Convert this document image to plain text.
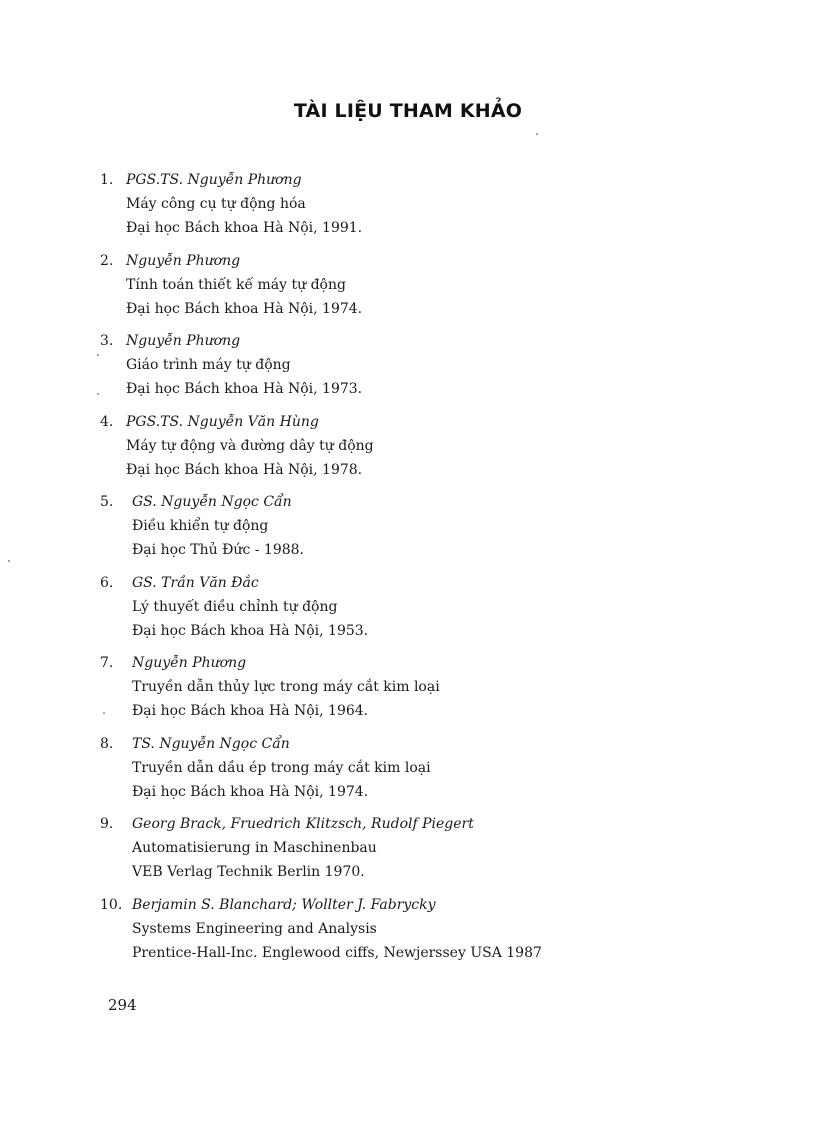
TÀI LIỆU THAM KHẢO
1. PGS.TS. Nguyễn Phương
Máy công cụ tự động hóa
Đại học Bách khoa Hà Nội, 1991.
2. Nguyễn Phương
Tính toán thiết kế máy tự động
Đại học Bách khoa Hà Nội, 1974.
3. Nguyễn Phương
Giáo trình máy tự động
Đại học Bách khoa Hà Nội, 1973.
4. PGS.TS. Nguyễn Văn Hùng
Máy tự động và đường dây tự động
Đại học Bách khoa Hà Nội, 1978.
5.	GS. Nguyễn Ngọc Cẩn
Điều khiển tự động
Đại học Thủ Đức - 1988.
6.	GS. Trần Văn Đắc
Lý thuyết điều chỉnh tự động
Đại học Bách khoa Hà Nội, 1953.
7.	Nguyễn Phương
Truyền dẫn thủy lực trong máy cắt kim loại
Đại học Bách khoa Hà Nội, 1964.
8.	TS. Nguyễn Ngọc Cẩn
Truyền dẫn dầu ép trong máy cắt kim loại
Đại học Bách khoa Hà Nội, 1974.
9.	Georg Brack, Fruedrich Klitzsch, Rudolf Piegert
Automatisierung in Maschinenbau
VEB Verlag Technik Berlin 1970.
10. Berjamin S. Blanchard; Wollter J. Fabrycky
Systems Engineering and Analysis
Prentice-Hall-Inc. Englewood ciffs, Newjerssey USA 1987
294
